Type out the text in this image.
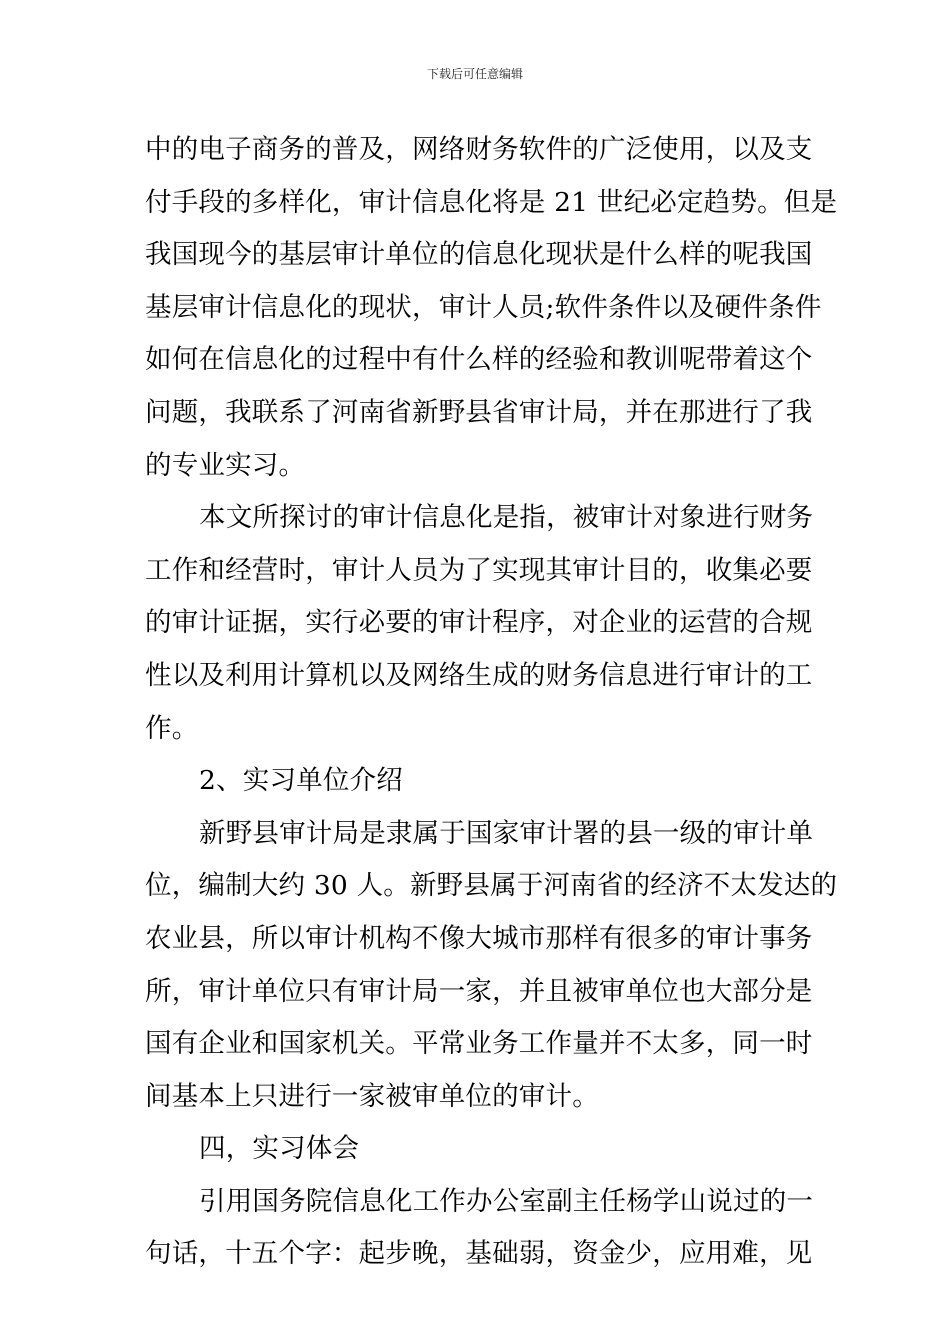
下载后可任意编辑
中的电子商务的普及，网络财务软件的广泛使用，以及支
付手段的多样化，审计信息化将是 21 世纪必定趋势。但是
我国现今的基层审计单位的信息化现状是什么样的呢我国
基层审计信息化的现状，审计人员;软件条件以及硬件条件
如何在信息化的过程中有什么样的经验和教训呢带着这个
问题，我联系了河南省新野县省审计局，并在那进行了我
的专业实习。
本文所探讨的审计信息化是指，被审计对象进行财务
工作和经营时，审计人员为了实现其审计目的，收集必要
的审计证据，实行必要的审计程序，对企业的运营的合规
性以及利用计算机以及网络生成的财务信息进行审计的工
作。
2、实习单位介绍
新野县审计局是隶属于国家审计署的县一级的审计单
位，编制大约 30 人。新野县属于河南省的经济不太发达的
农业县，所以审计机构不像大城市那样有很多的审计事务
所，审计单位只有审计局一家，并且被审单位也大部分是
国有企业和国家机关。平常业务工作量并不太多，同一时
间基本上只进行一家被审单位的审计。
四，实习体会
引用国务院信息化工作办公室副主任杨学山说过的一
句话，十五个字：起步晚，基础弱，资金少，应用难，见
